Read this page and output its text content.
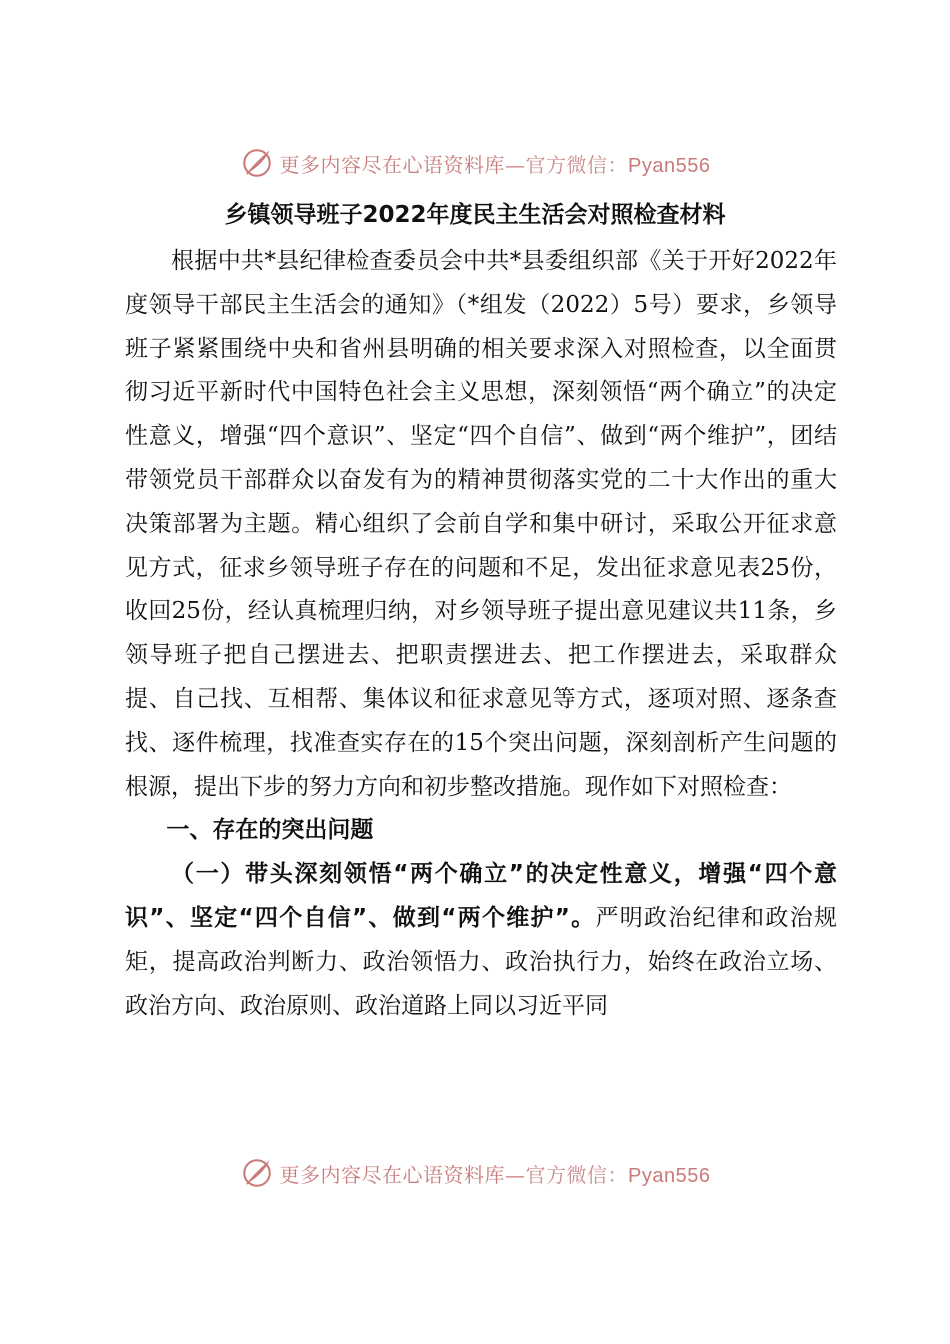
更多内容尽在心语资料库—官方微信：Pyan556
乡镇领导班子2022年度民主生活会对照检查材料

根据中共*县纪律检查委员会中共*县委组织部《关于开好2022年度领导干部民主生活会的通知》（*组发（2022）5号）要求，乡领导班子紧紧围绕中央和省州县明确的相关要求深入对照检查，以全面贯彻习近平新时代中国特色社会主义思想，深刻领悟“两个确立”的决定性意义，增强“四个意识”、坚定“四个自信”、做到“两个维护”，团结带领党员干部群众以奋发有为的精神贯彻落实党的二十大作出的重大决策部署为主题。精心组织了会前自学和集中研讨，采取公开征求意见方式，征求乡领导班子存在的问题和不足，发出征求意见表25份，收回25份，经认真梳理归纳，对乡领导班子提出意见建议共11条，乡领导班子把自己摆进去、把职责摆进去、把工作摆进去，采取群众提、自己找、互相帮、集体议和征求意见等方式，逐项对照、逐条查找、逐件梳理，找准查实存在的15个突出问题，深刻剖析产生问题的根源，提出下步的努力方向和初步整改措施。现作如下对照检查：

一、存在的突出问题

（一）带头深刻领悟“两个确立”的决定性意义，增强“四个意识”、坚定“四个自信”、做到“两个维护”。严明政治纪律和政治规矩，提高政治判断力、政治领悟力、政治执行力，始终在政治立场、政治方向、政治原则、政治道路上同以习近平同

更多内容尽在心语资料库—官方微信：Pyan556
